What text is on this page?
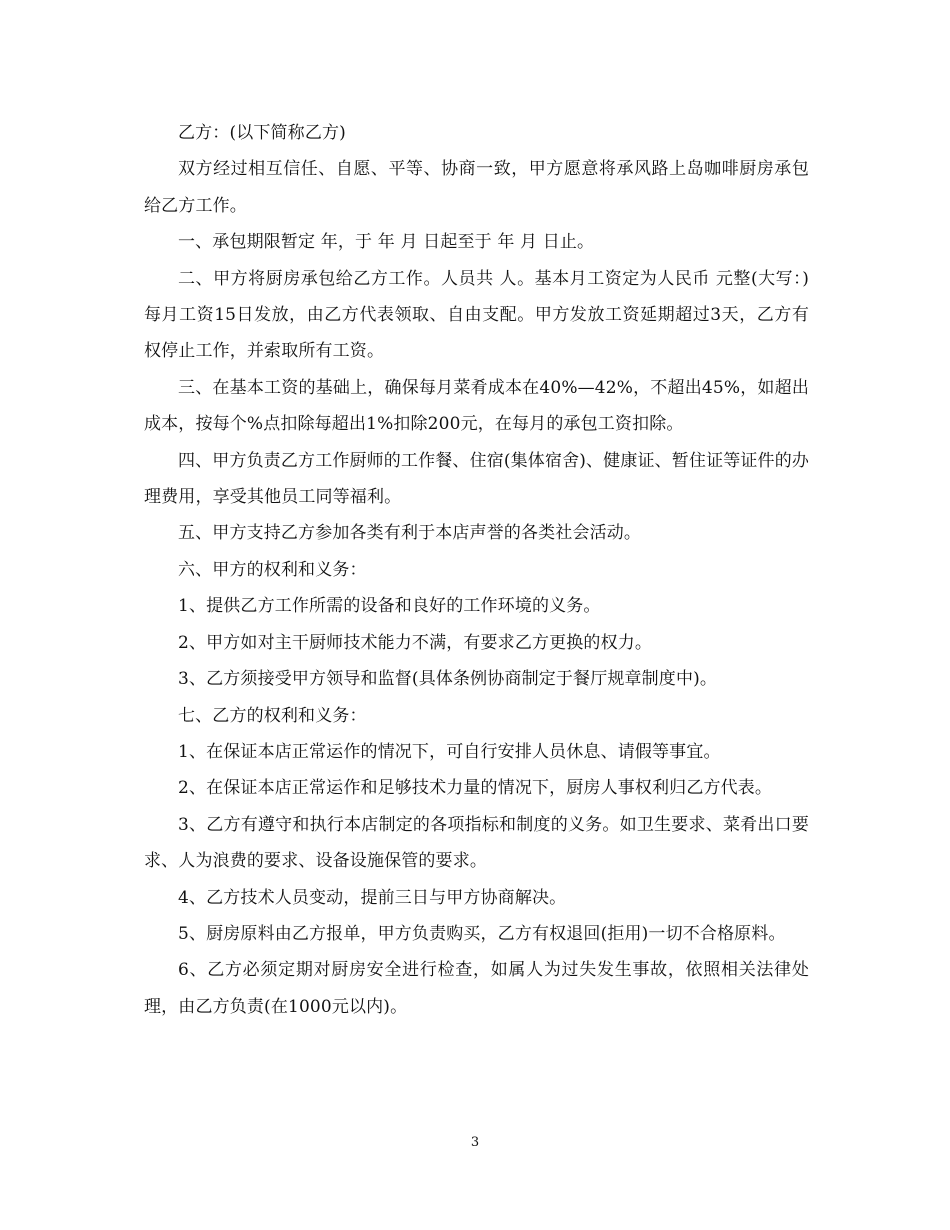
乙方：(以下简称乙方)

双方经过相互信任、自愿、平等、协商一致，甲方愿意将承风路上岛咖啡厨房承包给乙方工作。

一、承包期限暂定 年，于 年 月 日起至于 年 月 日止。

二、甲方将厨房承包给乙方工作。人员共 人。基本月工资定为人民币 元整(大写：)每月工资15日发放，由乙方代表领取、自由支配。甲方发放工资延期超过3天，乙方有权停止工作，并索取所有工资。

三、在基本工资的基础上，确保每月菜肴成本在40%—42%，不超出45%，如超出成本，按每个%点扣除每超出1%扣除200元，在每月的承包工资扣除。

四、甲方负责乙方工作厨师的工作餐、住宿(集体宿舍)、健康证、暂住证等证件的办理费用，享受其他员工同等福利。

五、甲方支持乙方参加各类有利于本店声誉的各类社会活动。

六、甲方的权利和义务：

1、提供乙方工作所需的设备和良好的工作环境的义务。

2、甲方如对主干厨师技术能力不满，有要求乙方更换的权力。

3、乙方须接受甲方领导和监督(具体条例协商制定于餐厅规章制度中)。

七、乙方的权利和义务：

1、在保证本店正常运作的情况下，可自行安排人员休息、请假等事宜。

2、在保证本店正常运作和足够技术力量的情况下，厨房人事权利归乙方代表。

3、乙方有遵守和执行本店制定的各项指标和制度的义务。如卫生要求、菜肴出口要求、人为浪费的要求、设备设施保管的要求。

4、乙方技术人员变动，提前三日与甲方协商解决。

5、厨房原料由乙方报单，甲方负责购买，乙方有权退回(拒用)一切不合格原料。

6、乙方必须定期对厨房安全进行检查，如属人为过失发生事故，依照相关法律处理，由乙方负责(在1000元以内)。

3
